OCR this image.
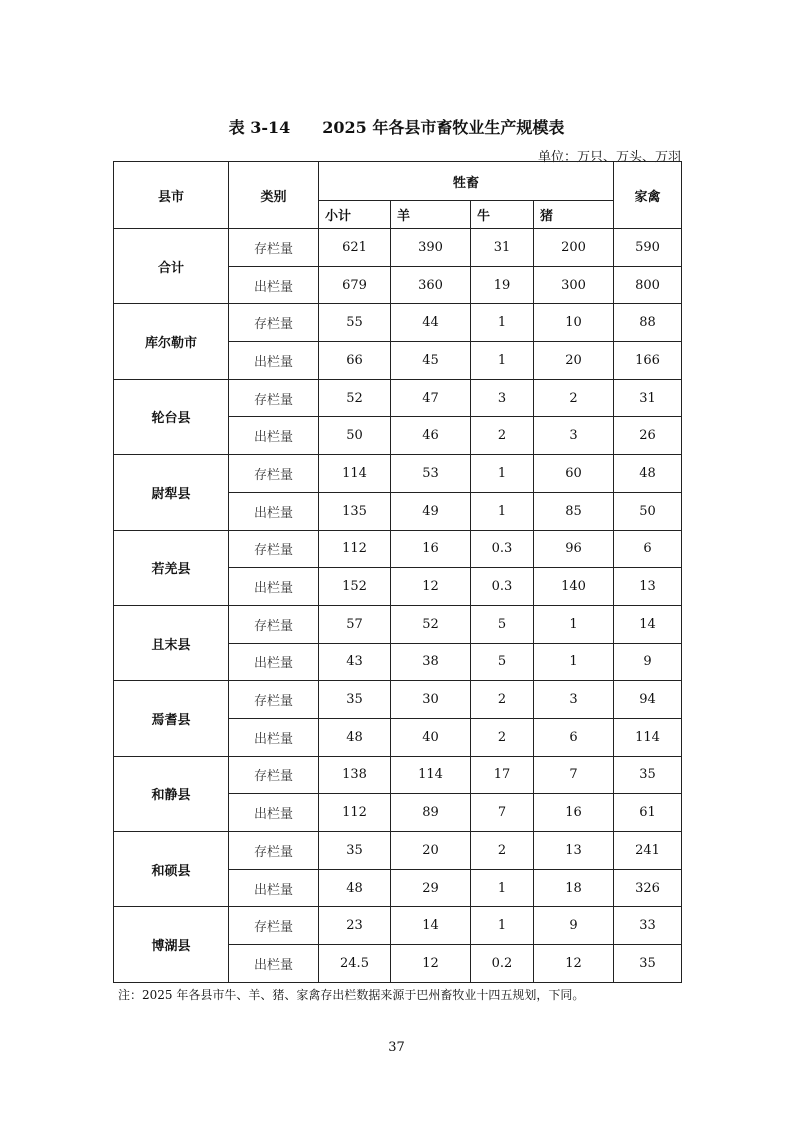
表 3-14　　2025 年各县市畜牧业生产规模表
单位：万只、万头、万羽
县市	类别	牲畜				家禽
		小计	羊	牛	猪	
合计	存栏量	621	390	31	200	590
	出栏量	679	360	19	300	800
库尔勒市	存栏量	55	44	1	10	88
	出栏量	66	45	1	20	166
轮台县	存栏量	52	47	3	2	31
	出栏量	50	46	2	3	26
尉犁县	存栏量	114	53	1	60	48
	出栏量	135	49	1	85	50
若羌县	存栏量	112	16	0.3	96	6
	出栏量	152	12	0.3	140	13
且末县	存栏量	57	52	5	1	14
	出栏量	43	38	5	1	9
焉耆县	存栏量	35	30	2	3	94
	出栏量	48	40	2	6	114
和静县	存栏量	138	114	17	7	35
	出栏量	112	89	7	16	61
和硕县	存栏量	35	20	2	13	241
	出栏量	48	29	1	18	326
博湖县	存栏量	23	14	1	9	33
	出栏量	24.5	12	0.2	12	35
注：2025 年各县市牛、羊、猪、家禽存出栏数据来源于巴州畜牧业十四五规划，下同。
37
